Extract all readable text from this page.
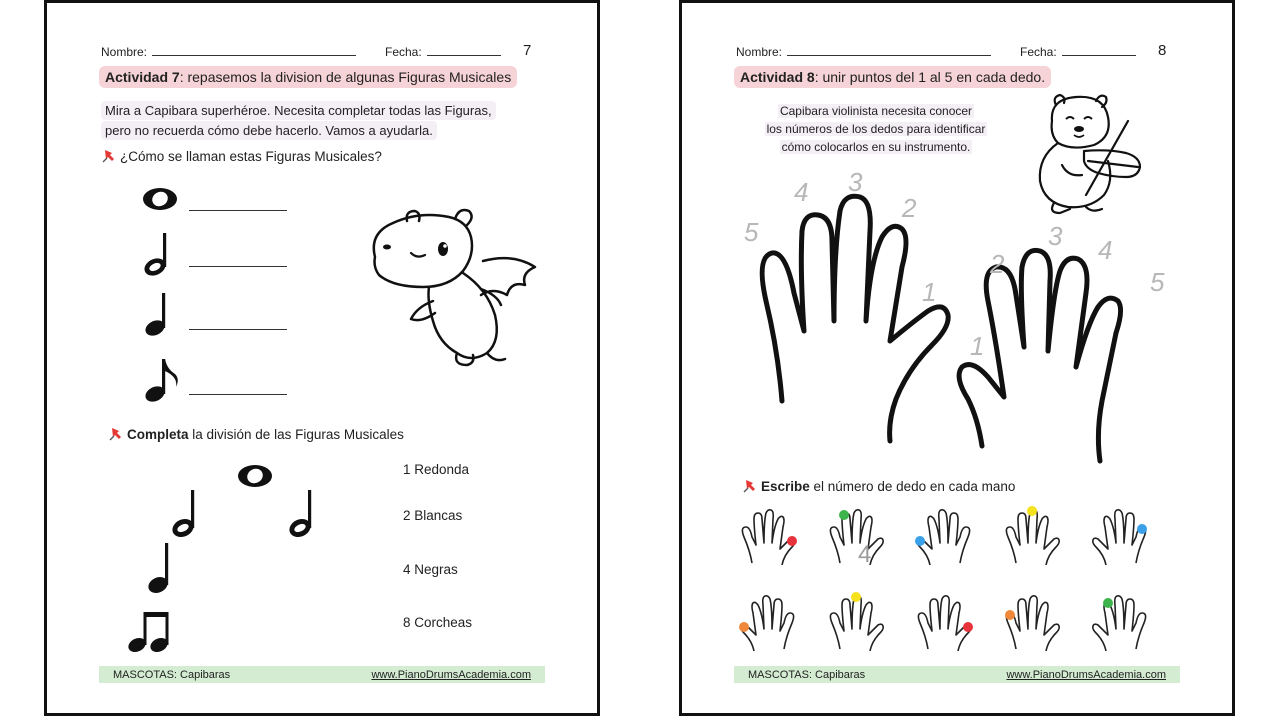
Nombre:	Fecha:	7
Actividad 7: repasemos la division de algunas Figuras Musicales
Mira a Capibara superhéroe. Necesita completar todas las Figuras,
pero no recuerda cómo debe hacerlo. Vamos a ayudarla.
¿Cómo se llaman estas Figuras Musicales?
Completa la división de las Figuras Musicales
1 Redonda
2 Blancas
4 Negras
8 Corcheas
MASCOTAS: Capibaras	www.PianoDrumsAcademia.com
Nombre:	Fecha:	8
Actividad 8: unir puntos del 1 al 5 en cada dedo.
Capibara violinista necesita conocer
los números de los dedos para identificar
cómo colocarlos en su instrumento.
5
4 3
2
1
1
2
3 4
5
Escribe el número de dedo en cada mano
4
MASCOTAS: Capibaras	www.PianoDrumsAcademia.com
